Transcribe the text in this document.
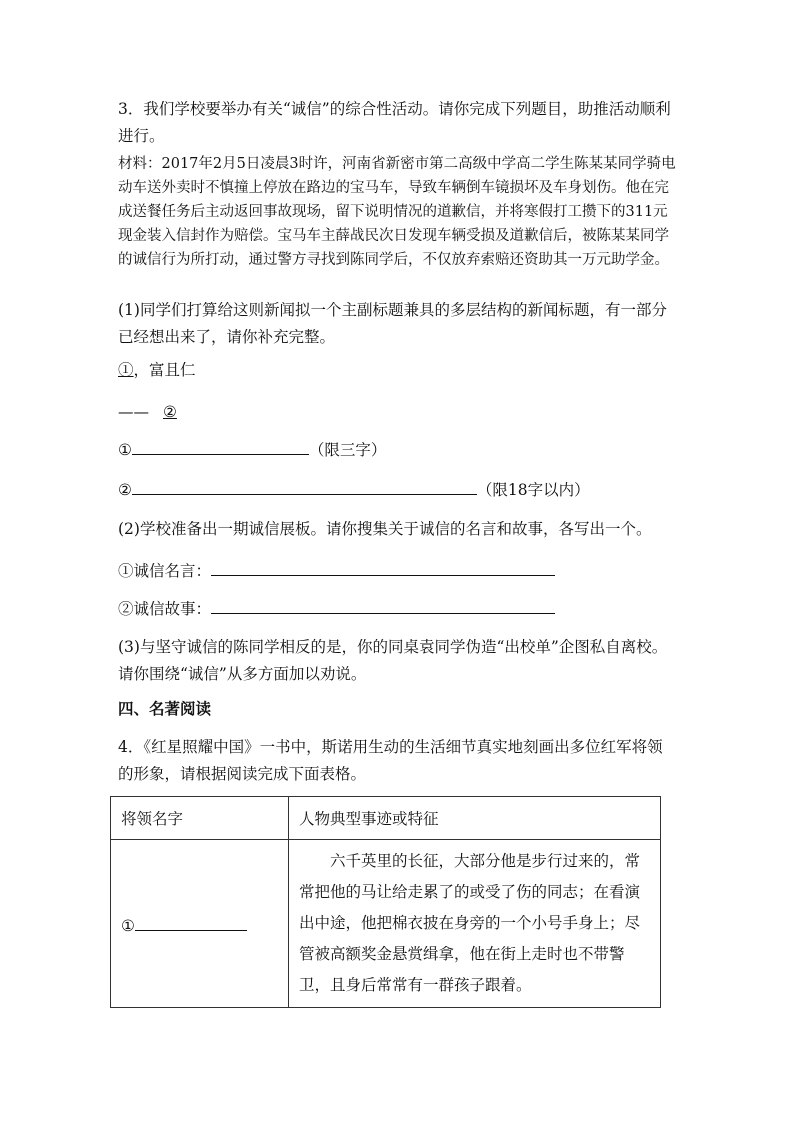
3．我们学校要举办有关“诚信”的综合性活动。请你完成下列题目，助推活动顺利进行。

材料：2017年2月5日凌晨3时许，河南省新密市第二高级中学高二学生陈某某同学骑电动车送外卖时不慎撞上停放在路边的宝马车，导致车辆倒车镜损坏及车身划伤。他在完成送餐任务后主动返回事故现场，留下说明情况的道歉信，并将寒假打工攒下的311元现金装入信封作为赔偿。宝马车主薛战民次日发现车辆受损及道歉信后，被陈某某同学的诚信行为所打动，通过警方寻找到陈同学后，不仅放弃索赔还资助其一万元助学金。

(1)同学们打算给这则新闻拟一个主副标题兼具的多层结构的新闻标题，有一部分已经想出来了，请你补充完整。

①，富且仁

—— ②

①	（限三字）

②	（限18字以内）

(2)学校准备出一期诚信展板。请你搜集关于诚信的名言和故事，各写出一个。

①诚信名言：

②诚信故事：

(3)与坚守诚信的陈同学相反的是，你的同桌袁同学伪造“出校单”企图私自离校。请你围绕“诚信”从多方面加以劝说。

四、名著阅读

4．《红星照耀中国》一书中，斯诺用生动的生活细节真实地刻画出多位红军将领的形象，请根据阅读完成下面表格。

将领名字	人物典型事迹或特征
①	六千英里的长征，大部分他是步行过来的，常常把他的马让给走累了的或受了伤的同志；在看演出中途，他把棉衣披在身旁的一个小号手身上；尽管被高额奖金悬赏缉拿，他在街上走时也不带警卫，且身后常常有一群孩子跟着。
